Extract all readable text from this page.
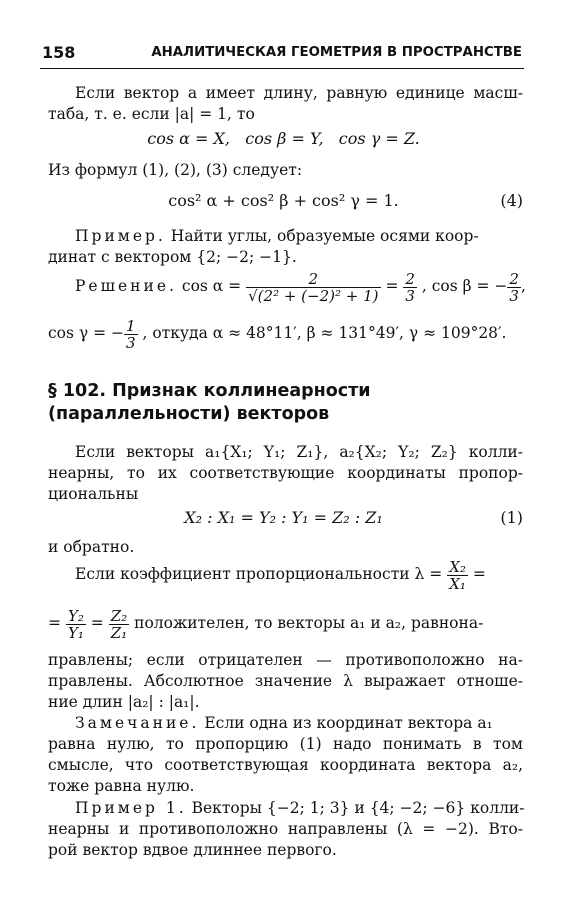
158	АНАЛИТИЧЕСКАЯ ГЕОМЕТРИЯ В ПРОСТРАНСТВЕ
Если вектор a имеет длину, равную единице масш-
таба, т. е. если |a| = 1, то
cos α = X,   cos β = Y,   cos γ = Z.
Из формул (1), (2), (3) следует:
cos² α + cos² β + cos² γ = 1.	(4)
Пример. Найти углы, образуемые осями коор-
динат с вектором {2; −2; −1}.
Решение. $\cos \alpha = \frac{2}{\text{√(2² + (−2)² + 1)}} = \frac{2}{3}$ , cos β = − $\frac{2}{3}$ ,
cos γ = − $\frac{1}{3}$ , откуда α ≈ 48°11′, β ≈ 131°49′, γ ≈ 109°28′.
§ 102. Признак коллинеарности
(параллельности) векторов
Если векторы a₁{X₁; Y₁; Z₁}, a₂{X₂; Y₂; Z₂} колли-
неарны, то их соответствующие координаты пропор-
циональны
X₂ : X₁ = Y₂ : Y₁ = Z₂ : Z₁	(1)
и обратно.
Если коэффициент пропорциональности $\lambda = \frac{\text{X₂}}{\text{X₁}}$ =
= $\frac{\text{Y₂}}{\text{Y₁}} = \frac{\text{Z₂}}{\text{Z₁}}$ положителен, то векторы a₁ и a₂, равнона-
правлены; если отрицателен — противоположно на-
правлены. Абсолютное значение λ выражает отноше-
ние длин |a₂| : |a₁|.
Замечание. Если одна из координат вектора a₁
равна нулю, то пропорцию (1) надо понимать в том
смысле, что соответствующая координата вектора a₂,
тоже равна нулю.
Пример 1. Векторы {−2; 1; 3} и {4; −2; −6} колли-
неарны и противоположно направлены (λ = −2). Вто-
рой вектор вдвое длиннее первого.
